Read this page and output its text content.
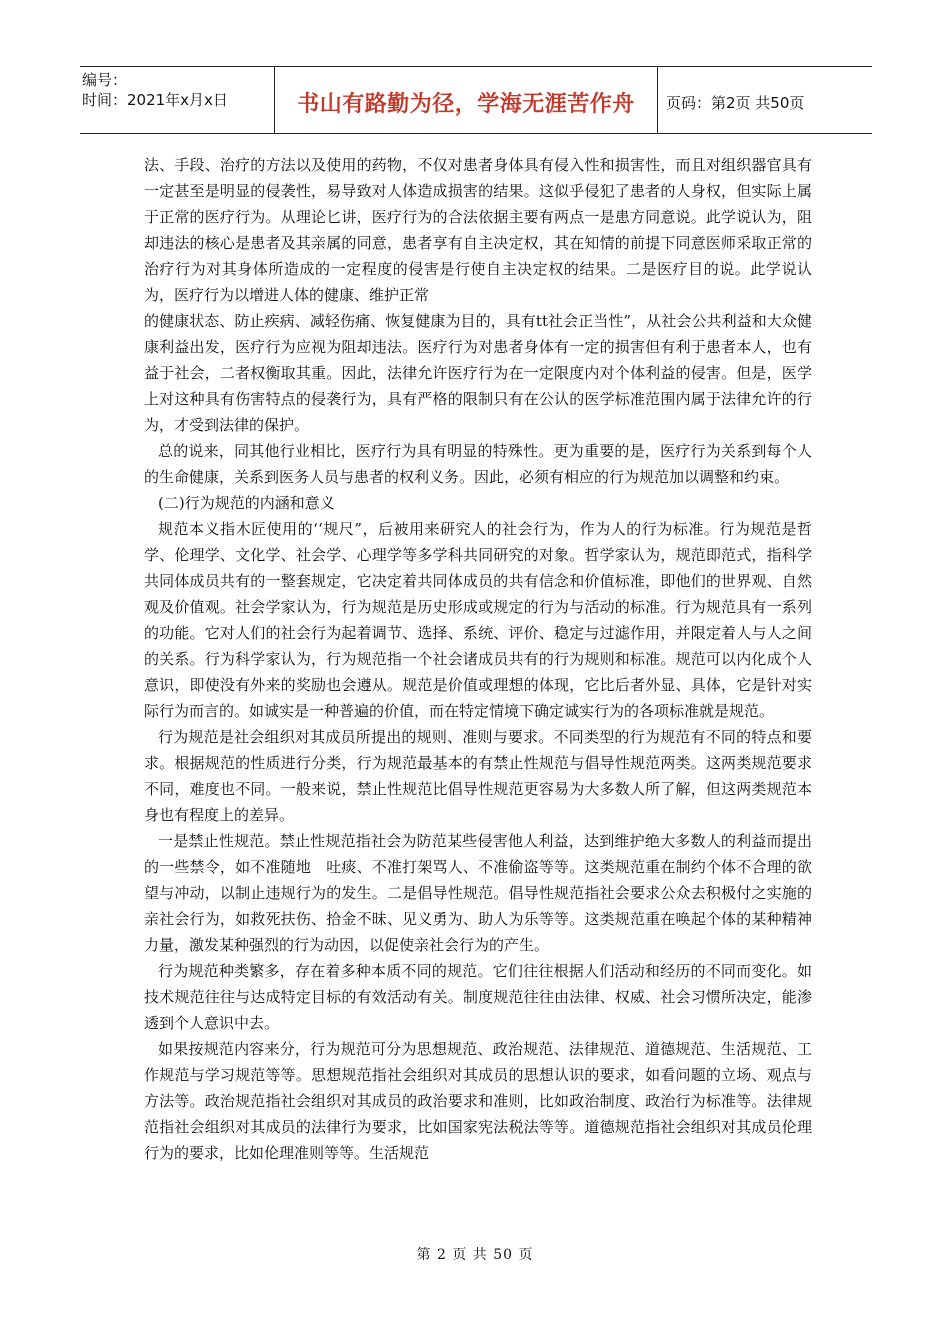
编号：
时间：2021年x月x日	书山有路勤为径，学海无涯苦作舟 页码：第2页 共50页

法、手段、治疗的方法以及使用的药物，不仅对患者身体具有侵入性和损害性，而且对组织器官具有一定甚至是明显的侵袭性，易导致对人体造成损害的结果。这似乎侵犯了患者的人身权，但实际上属于正常的医疗行为。从理论匕讲，医疗行为的合法依据主要有两点一是患方同意说。此学说认为，阻却违法的核心是患者及其亲属的同意，患者享有自主决定权，其在知情的前提下同意医师采取正常的治疗行为对其身体所造成的一定程度的侵害是行使自主决定权的结果。二是医疗目的说。此学说认为，医疗行为以增进人体的健康、维护正常

的健康状态、防止疾病、减轻伤痛、恢复健康为目的，具有tt社会正当性”，从社会公共利益和大众健康利益出发，医疗行为应视为阻却违法。医疗行为对患者身体有一定的损害但有利于患者本人，也有益于社会，二者权衡取其重。因此，法律允许医疗行为在一定限度内对个体利益的侵害。但是，医学上对这种具有伤害特点的侵袭行为，具有严格的限制只有在公认的医学标准范围内属于法律允许的行为，才受到法律的保护。

总的说来，同其他行业相比，医疗行为具有明显的特殊性。更为重要的是，医疗行为关系到每个人的生命健康，关系到医务人员与患者的权利义务。因此，必须有相应的行为规范加以调整和约束。

(二)行为规范的内涵和意义

规范本义指木匠使用的‘‘规尺”，后被用来研究人的社会行为，作为人的行为标准。行为规范是哲学、伦理学、文化学、社会学、心理学等多学科共同研究的对象。哲学家认为，规范即范式，指科学共同体成员共有的一整套规定，它决定着共同体成员的共有信念和价值标准，即他们的世界观、自然观及价值观。社会学家认为，行为规范是历史形成或规定的行为与活动的标准。行为规范具有一系列的功能。它对人们的社会行为起着调节、选择、系统、评价、稳定与过滤作用，并限定着人与人之间的关系。行为科学家认为，行为规范指一个社会诸成员共有的行为规则和标准。规范可以内化成个人意识，即使没有外来的奖励也会遵从。规范是价值或理想的体现，它比后者外显、具体，它是针对实际行为而言的。如诚实是一种普遍的价值，而在特定情境下确定诚实行为的各项标准就是规范。

行为规范是社会组织对其成员所提出的规则、准则与要求。不同类型的行为规范有不同的特点和要求。根据规范的性质进行分类，行为规范最基本的有禁止性规范与倡导性规范两类。这两类规范要求不同，难度也不同。一般来说，禁止性规范比倡导性规范更容易为大多数人所了解，但这两类规范本身也有程度上的差异。

一是禁止性规范。禁止性规范指社会为防范某些侵害他人利益，达到维护绝大多数人的利益而提出的一些禁令，如不准随地　吐痰、不准打架骂人、不准偷盗等等。这类规范重在制约个体不合理的欲望与冲动，以制止违规行为的发生。二是倡导性规范。倡导性规范指社会要求公众去积极付之实施的亲社会行为，如救死扶伤、拾金不昧、见义勇为、助人为乐等等。这类规范重在唤起个体的某种精神力量，激发某种强烈的行为动因，以促使亲社会行为的产生。

行为规范种类繁多，存在着多种本质不同的规范。它们往往根据人们活动和经历的不同而变化。如技术规范往往与达成特定目标的有效活动有关。制度规范往往由法律、权威、社会习惯所决定，能渗透到个人意识中去。

如果按规范内容来分，行为规范可分为思想规范、政治规范、法律规范、道德规范、生活规范、工作规范与学习规范等等。思想规范指社会组织对其成员的思想认识的要求，如看问题的立场、观点与方法等。政治规范指社会组织对其成员的政治要求和准则，比如政治制度、政治行为标准等。法律规范指社会组织对其成员的法律行为要求，比如国家宪法税法等等。道德规范指社会组织对其成员伦理行为的要求，比如伦理准则等等。生活规范

第 2 页 共 50 页
